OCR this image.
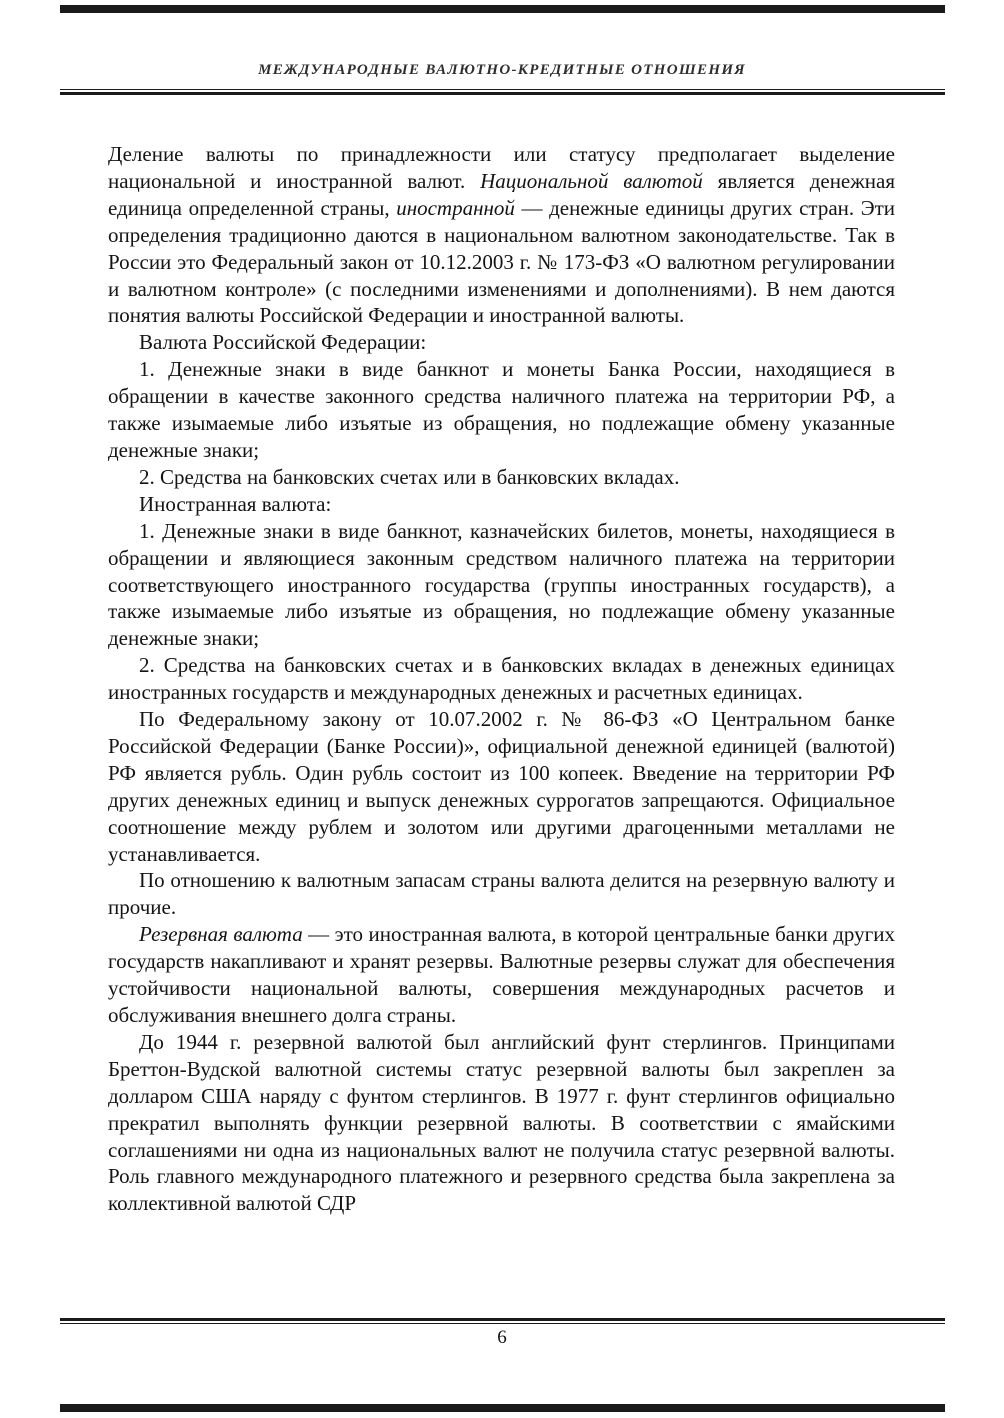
МЕЖДУНАРОДНЫЕ ВАЛЮТНО-КРЕДИТНЫЕ ОТНОШЕНИЯ

Деление валюты по принадлежности или статусу предполагает выделение национальной и иностранной валют. Национальной валютой является денежная единица определенной страны, иностранной — денежные единицы других стран. Эти определения традиционно даются в национальном валютном законодательстве. Так в России это Федеральный закон от 10.12.2003 г. № 173-ФЗ «О валютном регулировании и валютном контроле» (с последними изменениями и дополнениями). В нем даются понятия валюты Российской Федерации и иностранной валюты.

Валюта Российской Федерации:

1. Денежные знаки в виде банкнот и монеты Банка России, находящиеся в обращении в качестве законного средства наличного платежа на территории РФ, а также изымаемые либо изъятые из обращения, но подлежащие обмену указанные денежные знаки;

2. Средства на банковских счетах или в банковских вкладах.

Иностранная валюта:

1. Денежные знаки в виде банкнот, казначейских билетов, монеты, находящиеся в обращении и являющиеся законным средством наличного платежа на территории соответствующего иностранного государства (группы иностранных государств), а также изымаемые либо изъятые из обращения, но подлежащие обмену указанные денежные знаки;

2. Средства на банковских счетах и в банковских вкладах в денежных единицах иностранных государств и международных денежных и расчетных единицах.

По Федеральному закону от 10.07.2002 г. № 86-ФЗ «О Центральном банке Российской Федерации (Банке России)», официальной денежной единицей (валютой) РФ является рубль. Один рубль состоит из 100 копеек. Введение на территории РФ других денежных единиц и выпуск денежных суррогатов запрещаются. Официальное соотношение между рублем и золотом или другими драгоценными металлами не устанавливается.

По отношению к валютным запасам страны валюта делится на резервную валюту и прочие.

Резервная валюта — это иностранная валюта, в которой центральные банки других государств накапливают и хранят резервы. Валютные резервы служат для обеспечения устойчивости национальной валюты, совершения международных расчетов и обслуживания внешнего долга страны.

До 1944 г. резервной валютой был английский фунт стерлингов. Принципами Бреттон-Вудской валютной системы статус резервной валюты был закреплен за долларом США наряду с фунтом стерлингов. В 1977 г. фунт стерлингов официально прекратил выполнять функции резервной валюты. В соответствии с ямайскими соглашениями ни одна из национальных валют не получила статус резервной валюты. Роль главного международного платежного и резервного средства была закреплена за коллективной валютой СДР

6
